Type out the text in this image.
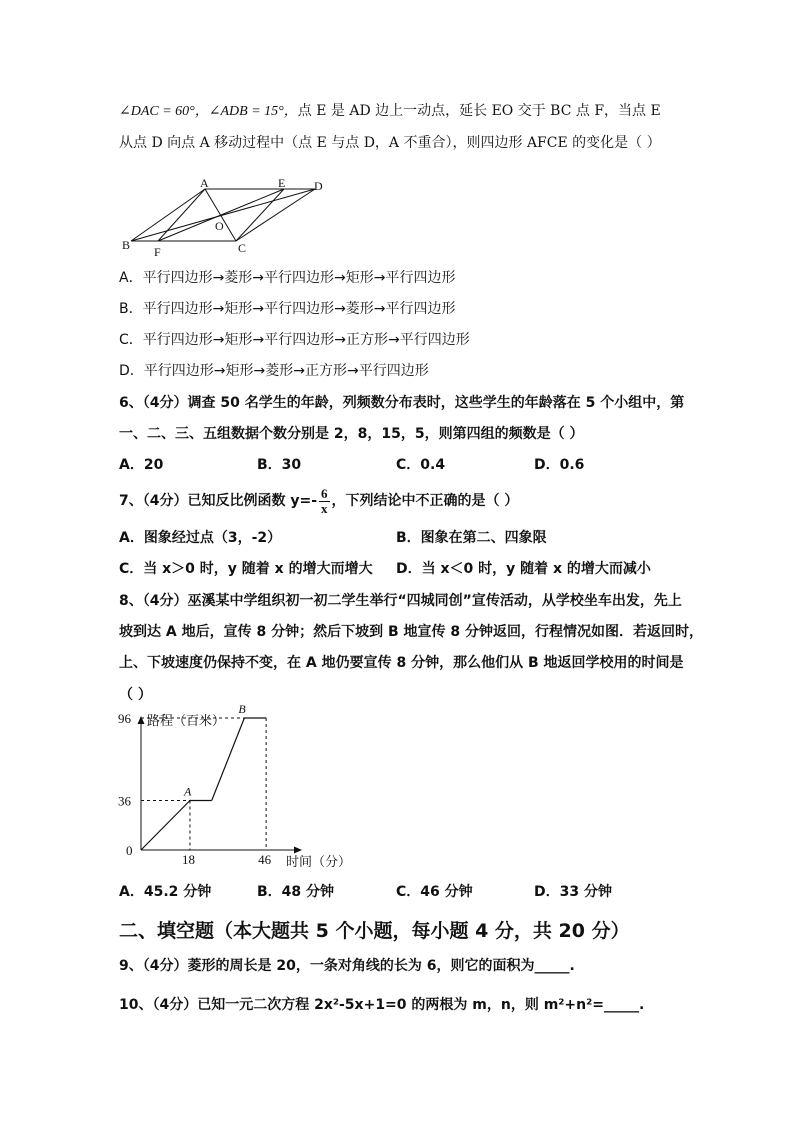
∠DAC = 60°，∠ADB = 15°，点 E 是 AD 边上一动点，延长 EO 交于 BC 点 F，当点 E
从点 D 向点 A 移动过程中（点 E 与点 D，A 不重合），则四边形 AFCE 的变化是（ ）
A	E D
O
B F	C
A．平行四边形→菱形→平行四边形→矩形→平行四边形
B．平行四边形→矩形→平行四边形→菱形→平行四边形
C．平行四边形→矩形→平行四边形→正方形→平行四边形
D．平行四边形→矩形→菱形→正方形→平行四边形
6、（4分）调查 50 名学生的年龄，列频数分布表时，这些学生的年龄落在 5 个小组中，第
一、二、三、五组数据个数分别是 2，8，15，5，则第四组的频数是（ ）
A．20	B．30	C．0.4	D．0.6
7、（4分）已知反比例函数 $y=- \frac{6}{x}$ ，下列结论中不正确的是（ ）
A．图象经过点（3，-2）	B．图象在第二、四象限
C．当 x＞0 时，y 随着 x 的增大而增大 D．当 x＜0 时，y 随着 x 的增大而减小
8、（4分）巫溪某中学组织初一初二学生举行“四城同创”宣传活动，从学校坐车出发，先上
坡到达 A 地后，宣传 8 分钟；然后下坡到 B 地宣传 8 分钟返回，行程情况如图．若返回时，
上、下坡速度仍保持不变，在 A 地仍要宣传 8 分钟，那么他们从 B 地返回学校用的时间是
（ ）
路程（百米）
时间（分）
A
B
36
96
0
18	46
A．45.2 分钟	B．48 分钟	C．46 分钟	D．33 分钟
二、填空题（本大题共 5 个小题，每小题 4 分，共 20 分）
9、（4分）菱形的周长是 20，一条对角线的长为 6，则它的面积为_____.
10、（4分）已知一元二次方程 2x²-5x+1=0 的两根为 m，n，则 m²+n²=_____.
